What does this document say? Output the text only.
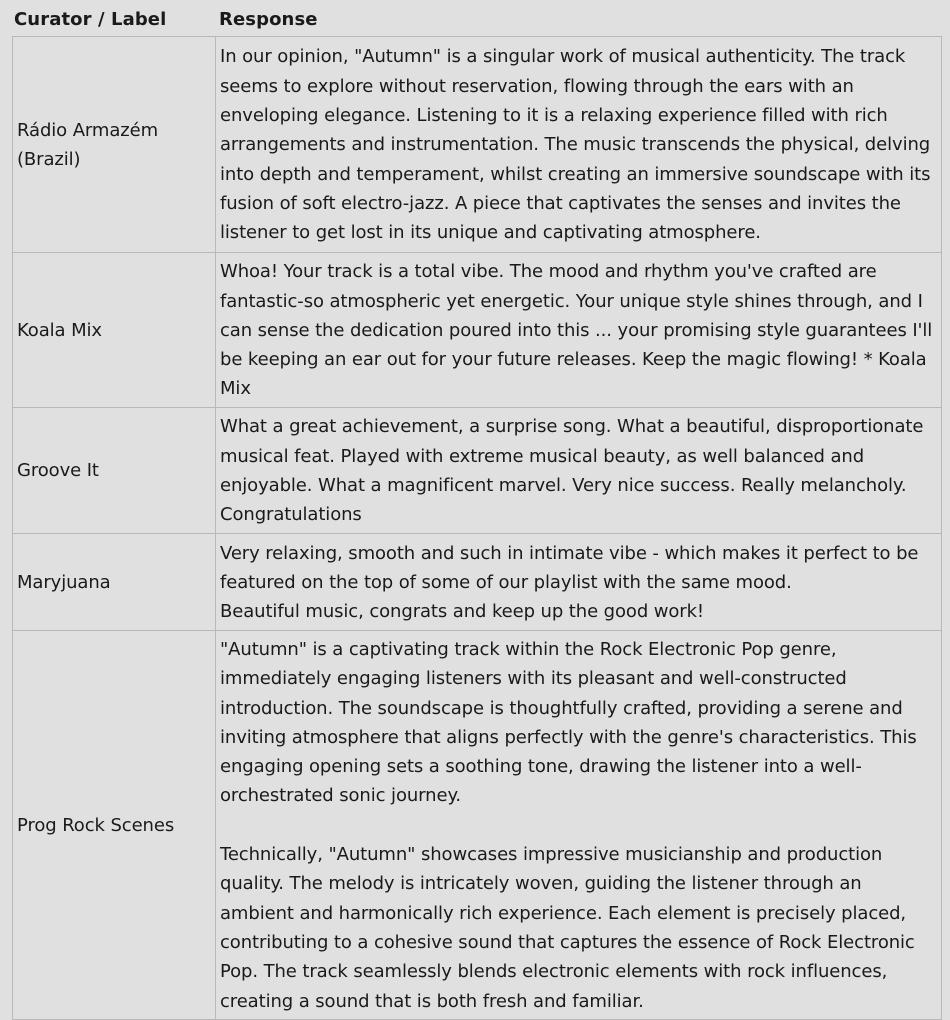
Curator / Label	Response
Rádio Armazém
(Brazil)	In our opinion, "Autumn" is a singular work of musical authenticity. The track seems to explore without reservation, flowing through the ears with an enveloping elegance. Listening to it is a relaxing experience filled with rich arrangements and instrumentation. The music transcends the physical, delving into depth and temperament, whilst creating an immersive soundscape with its fusion of soft electro-jazz. A piece that captivates the senses and invites the listener to get lost in its unique and captivating atmosphere.
Koala Mix	Whoa! Your track is a total vibe. The mood and rhythm you've crafted are fantastic-so atmospheric yet energetic. Your unique style shines through, and I can sense the dedication poured into this ... your promising style guarantees I'll be keeping an ear out for your future releases. Keep the magic flowing! * Koala Mix
Groove It	What a great achievement, a surprise song. What a beautiful, disproportionate musical feat. Played with extreme musical beauty, as well balanced and enjoyable. What a magnificent marvel. Very nice success. Really melancholy. Congratulations
Maryjuana	Very relaxing, smooth and such in intimate vibe - which makes it perfect to be featured on the top of some of our playlist with the same mood.
Beautiful music, congrats and keep up the good work!
Prog Rock Scenes	"Autumn" is a captivating track within the Rock Electronic Pop genre, immediately engaging listeners with its pleasant and well-constructed introduction. The soundscape is thoughtfully crafted, providing a serene and inviting atmosphere that aligns perfectly with the genre's characteristics. This engaging opening sets a soothing tone, drawing the listener into a well-orchestrated sonic journey.

Technically, "Autumn" showcases impressive musicianship and production quality. The melody is intricately woven, guiding the listener through an ambient and harmonically rich experience. Each element is precisely placed, contributing to a cohesive sound that captures the essence of Rock Electronic Pop. The track seamlessly blends electronic elements with rock influences, creating a sound that is both fresh and familiar.
